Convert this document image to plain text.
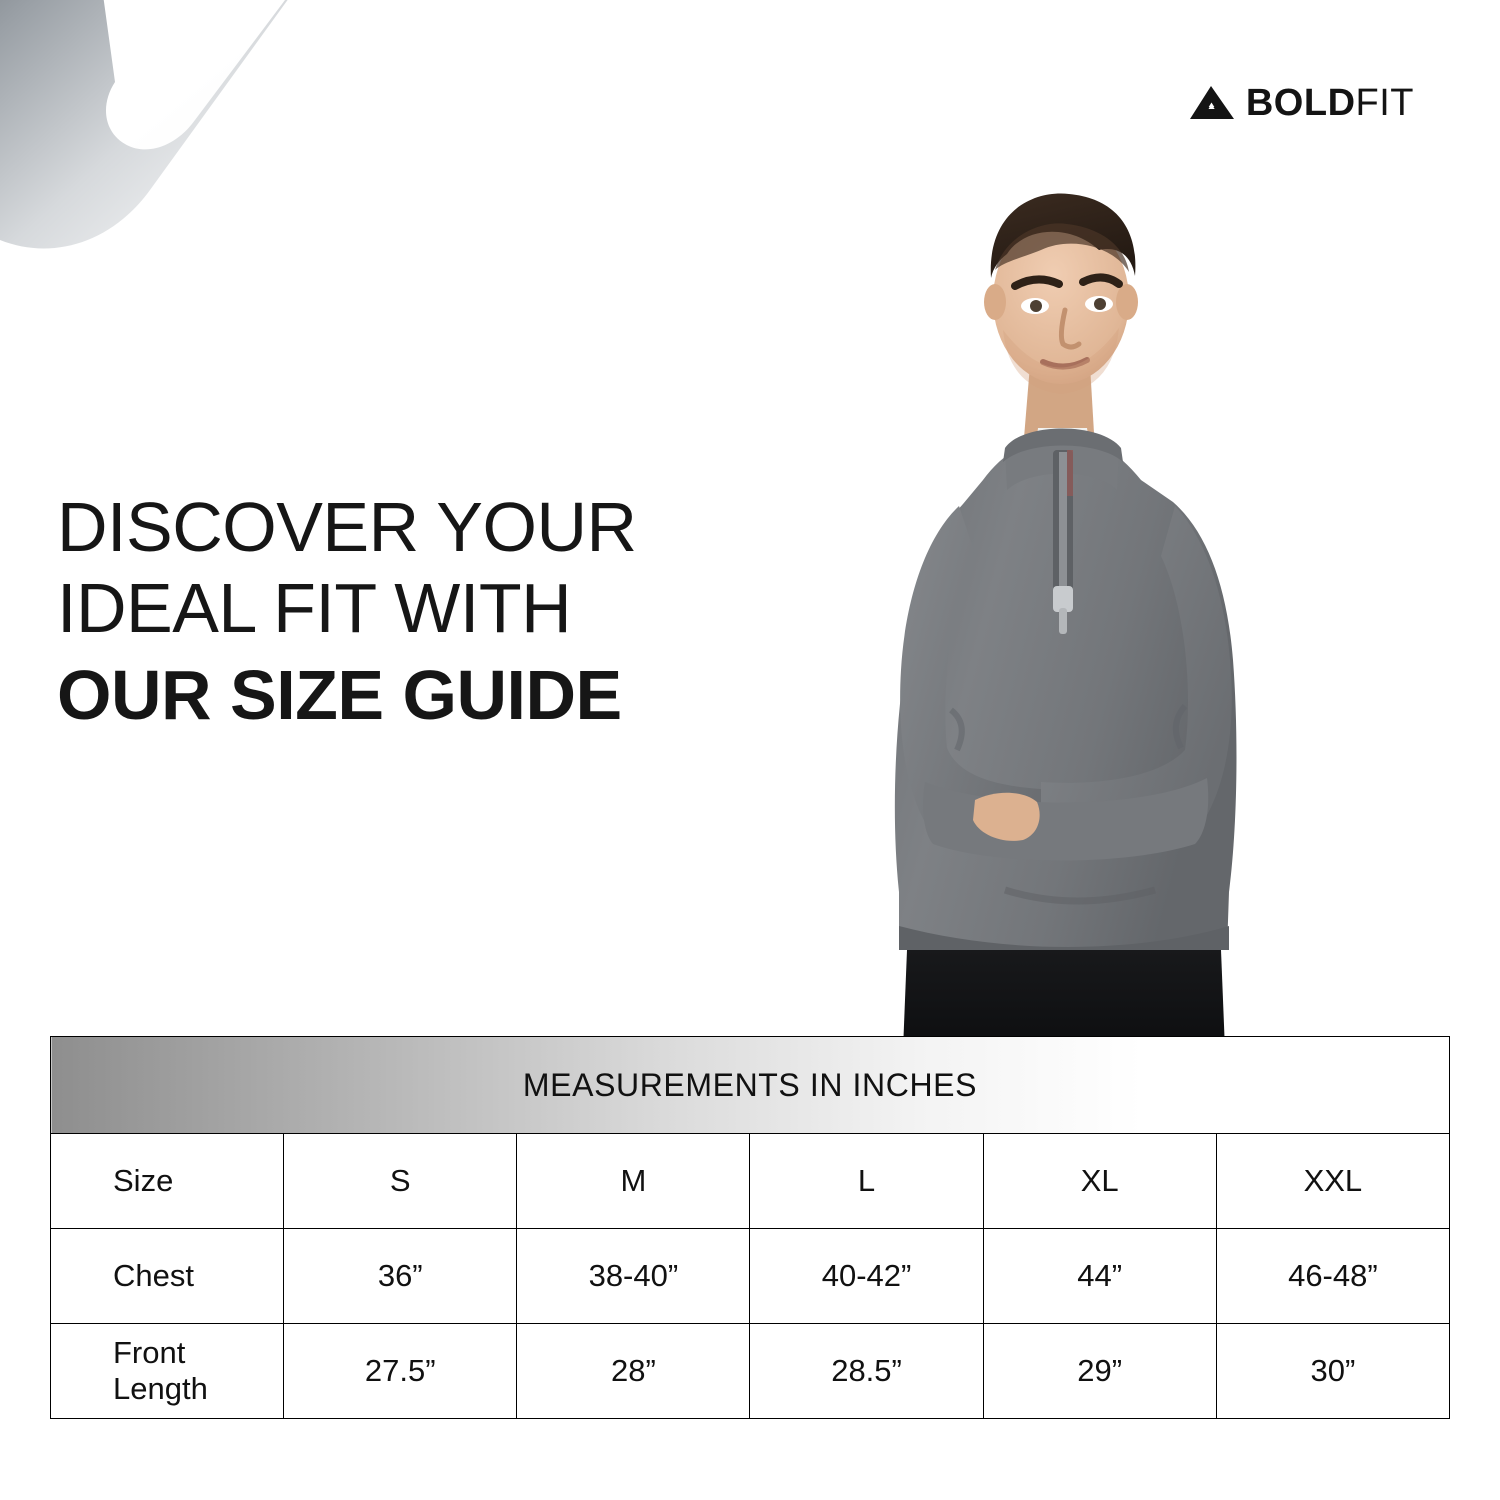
BOLDFIT
DISCOVER YOUR
IDEAL FIT WITH
OUR SIZE GUIDE
MEASUREMENTS IN INCHES					
Size	S	M	L	XL	XXL
Chest	36”	38-40”	40-42”	44”	46-48”
Front Length	27.5”	28”	28.5”	29”	30”
